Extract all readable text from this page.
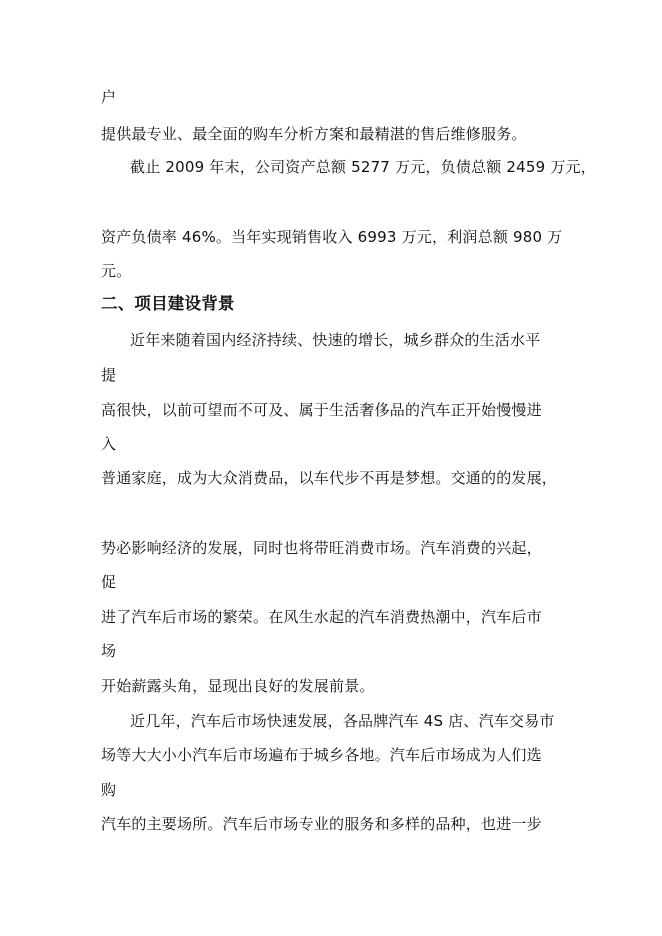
户
提供最专业、最全面的购车分析方案和最精湛的售后维修服务。
截止 2009 年末，公司资产总额 5277 万元，负债总额 2459 万元，
资产负债率 46%。当年实现销售收入 6993 万元，利润总额 980 万
元。
二、项目建设背景
近年来随着国内经济持续、快速的增长，城乡群众的生活水平
提
高很快，以前可望而不可及、属于生活奢侈品的汽车正开始慢慢进
入
普通家庭，成为大众消费品，以车代步不再是梦想。交通的的发展，
势必影响经济的发展，同时也将带旺消费市场。汽车消费的兴起，
促
进了汽车后市场的繁荣。在风生水起的汽车消费热潮中，汽车后市
场
开始薪露头角，显现出良好的发展前景。
近几年，汽车后市场快速发展，各品牌汽车 4S 店、汽车交易市
场等大大小小汽车后市场遍布于城乡各地。汽车后市场成为人们选
购
汽车的主要场所。汽车后市场专业的服务和多样的品种，也进一步
